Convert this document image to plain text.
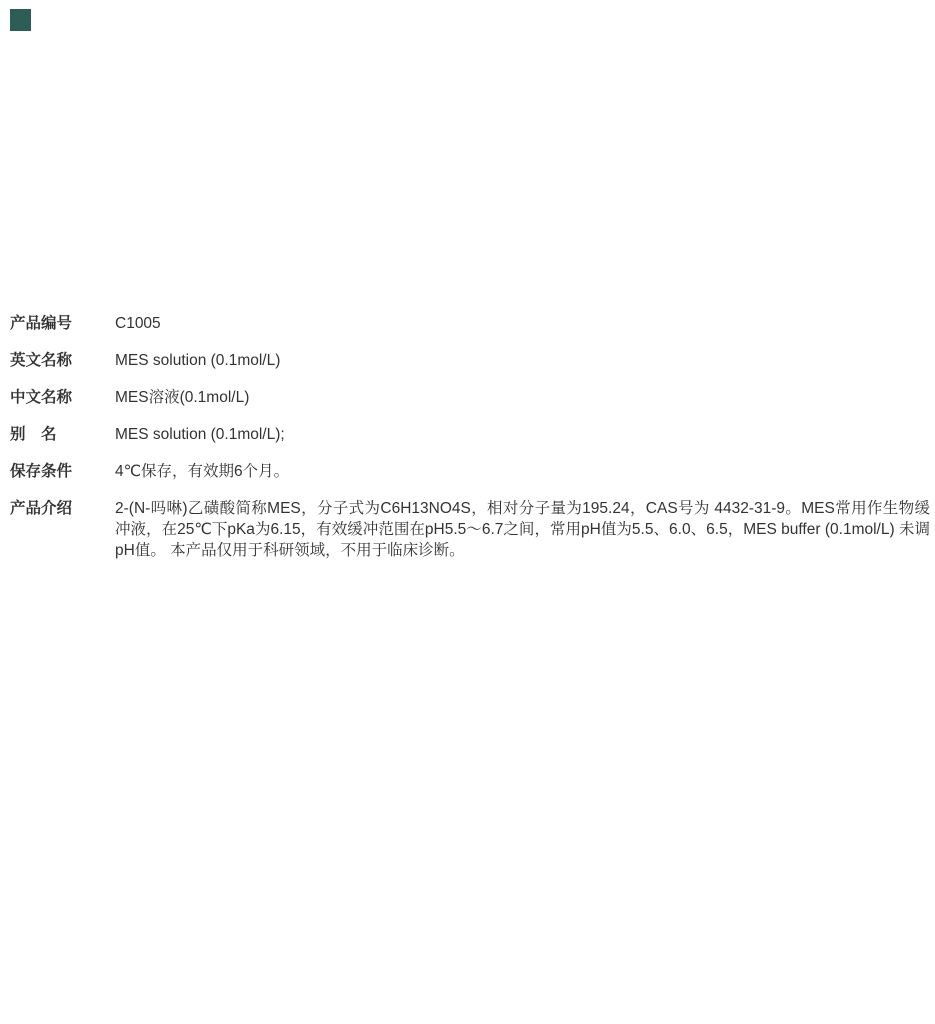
产品编号	C1005
英文名称	MES solution (0.1mol/L)
中文名称	MES溶液(0.1mol/L)
别　名	MES solution (0.1mol/L);
保存条件	4℃保存，有效期6个月。
产品介绍	2-(N-吗啉)乙磺酸简称MES，分子式为C6H13NO4S，相对分子量为195.24，CAS号为 4432-31-9。MES常用作生物缓冲液，在25℃下pKa为6.15，有效缓冲范围在pH5.5～6.7之间，常用pH值为5.5、6.0、6.5，MES buffer (0.1mol/L) 未调pH值。 本产品仅用于科研领域，不用于临床诊断。
